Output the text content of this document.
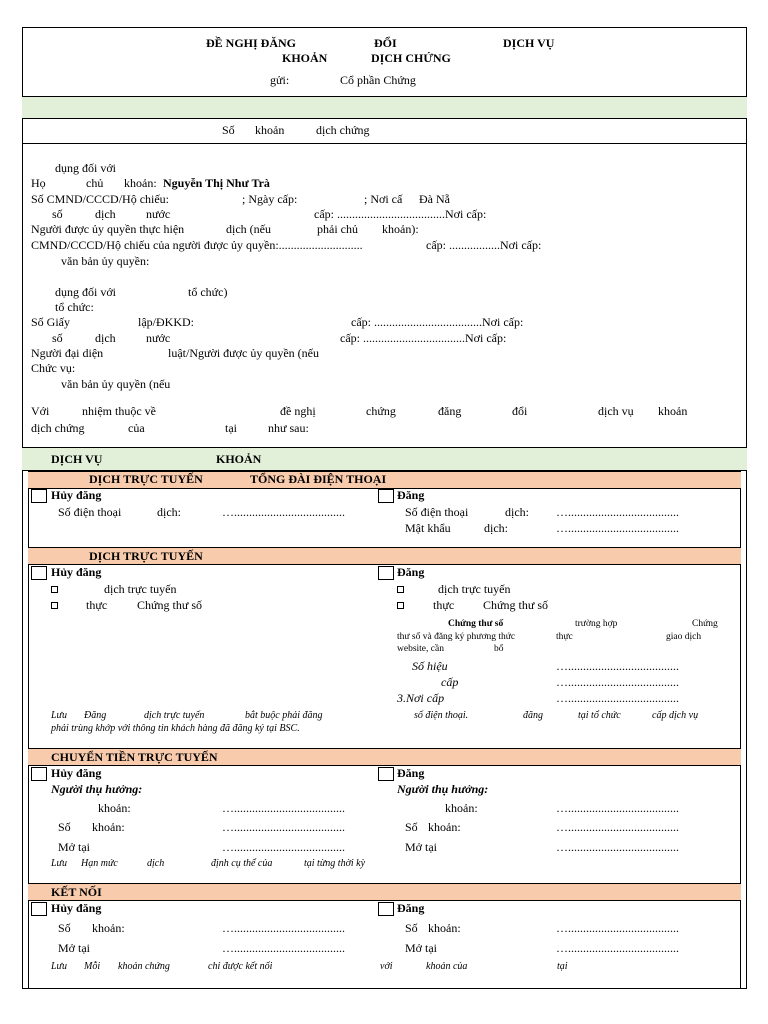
ĐỀ NGHỊ ĐĂNG	ĐỔI	DỊCH VỤ
KHOẢN	DỊCH CHỨNG
gửi:	Cổ phần Chứng
Số khoản	dịch chứng
dụng đối với
Họ	chủ khoản: Nguyễn Thị Như Trà
Số CMND/CCCD/Hộ chiếu:	; Ngày cấp:	; Nơi cấ Đà Nẵ
số	dịch	nước	cấp: ....................................Nơi cấp:
Người được ủy quyền thực hiện	dịch (nếu	phải chủ khoản):
CMND/CCCD/Hộ chiếu của người được ủy quyền:............................	cấp: .................Nơi cấp:
văn bản ủy quyền:
dụng đối với	tổ chức)
tổ chức:
Số Giấy	lập/ĐKKD:	cấp: ....................................Nơi cấp:
số	dịch	nước	cấp: ..................................Nơi cấp:
Người đại diện	luật/Người được ủy quyền (nếu
Chức vụ:
văn bản ủy quyền (nếu
Với	nhiệm thuộc về	đề nghị	chứng	đăng	đổi	dịch vụ khoản
dịch chứng	của	tại	như sau:
DỊCH VỤ	KHOẢN
DỊCH TRỰC TUYẾN	TỔNG ĐÀI ĐIỆN THOẠI
Hủy đăng
Số điện thoại	dịch:	….....................................
Đăng
Số điện thoại	dịch: ….....................................
Mật khẩu	dịch:	….....................................
DỊCH TRỰC TUYẾN
Hủy đăng
dịch trực tuyến
thực Chứng thư số
Đăng
dịch trực tuyến
thực Chứng thư số
Chứng thư số	trường hợp	Chứng
thư số và đăng ký phương thức	thực	giao dịch
website, cần	bổ
Số hiệu	….....................................
cấp	….....................................
3.Nơi cấp	….....................................
Lưu Đăng	dịch trực tuyến	bắt buộc phải đăng	số điện thoại.	đăng	tại tổ chức	cấp dịch vụ
phải trùng khớp với thông tin khách hàng đã đăng ký tại BSC.
CHUYỂN TIỀN TRỰC TUYẾN
Hủy đăng
Người thụ hưởng:
khoản:	….....................................
Số khoản:	….....................................
Mở tại	….....................................
Đăng
Người thụ hưởng:
khoản:	….....................................
Số khoản:	….....................................
Mở tại	….....................................
Lưu Hạn mức	dịch	định cụ thể của	tại từng thời kỳ
KẾT NỐI
Hủy đăng
Số khoản:	….....................................
Mở tại	….....................................
Đăng
Số khoản:	….....................................
Mở tại	….....................................
Lưu Mỗi khoản chứng	chỉ được kết nối	với	khoản của	tại
